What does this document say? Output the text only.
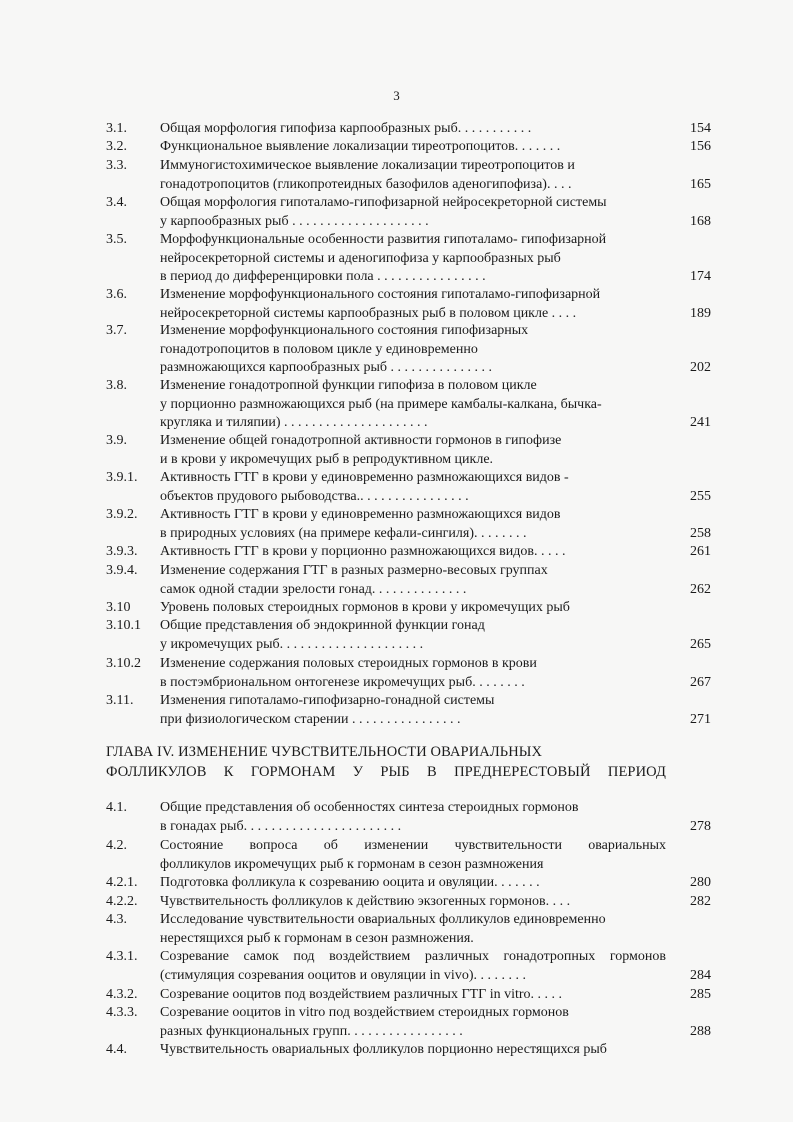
3
3.1. Общая морфология гипофиза карпообразных рыб. . . . . . . . . . .	154
3.2. Функциональное выявление локализации тиреотропоцитов. . . . . . .	156
3.3. Иммуногистохимическое выявление локализации тиреотропоцитов и
гонадотропоцитов (гликопротеидных базофилов аденогипофиза). . . .	165
3.4. Общая морфология гипоталамо-гипофизарной нейросекреторной системы
у карпообразных рыб . . . . . . . . . . . . . . . . . . . .	168
3.5. Морфофункциональные особенности развития гипоталамо- гипофизарной
нейросекреторной системы и аденогипофиза у карпообразных рыб
в период до дифференцировки пола . . . . . . . . . . . . . . . .	174
3.6. Изменение морфофункционального состояния гипоталамо-гипофизарной
нейросекреторной системы карпообразных рыб в половом цикле . . . .	189
3.7. Изменение морфофункционального состояния гипофизарных
гонадотропоцитов в половом цикле у единовременно
размножающихся карпообразных рыб . . . . . . . . . . . . . . .	202
3.8. Изменение гонадотропной функции гипофиза в половом цикле
у порционно размножающихся рыб (на примере камбалы-калкана, бычка-
кругляка и тиляпии) . . . . . . . . . . . . . . . . . . . . .	241
3.9. Изменение общей гонадотропной активности гормонов в гипофизе
и в крови у икромечущих рыб в репродуктивном цикле.
3.9.1. Активность ГТГ в крови у единовременно размножающихся видов -
объектов прудового рыбоводства.. . . . . . . . . . . . . . . .	255
3.9.2. Активность ГТГ в крови у единовременно размножающихся видов
в природных условиях (на примере кефали-сингиля). . . . . . . .	258
3.9.3. Активность ГТГ в крови у порционно размножающихся видов. . . . .	261
3.9.4. Изменение содержания ГТГ в разных размерно-весовых группах
самок одной стадии зрелости гонад. . . . . . . . . . . . . .	262
3.10 Уровень половых стероидных гормонов в крови у икромечущих рыб
3.10.1 Общие представления об эндокринной функции гонад
у икромечущих рыб. . . . . . . . . . . . . . . . . . . . .	265
3.10.2 Изменение содержания половых стероидных гормонов в крови
в постэмбриональном онтогенезе икромечущих рыб. . . . . . . .	267
3.11. Изменения гипоталамо-гипофизарно-гонадной системы
при физиологическом старении . . . . . . . . . . . . . . . .	271
4.1. Общие представления об особенностях синтеза стероидных гормонов
в гонадах рыб. . . . . . . . . . . . . . . . . . . . . . .	278
4.2. Состояние вопроса об изменении чувствительности овариальных
фолликулов икромечущих рыб к гормонам в сезон размножения
4.2.1. Подготовка фолликула к созреванию ооцита и овуляции. . . . . . .	280
4.2.2. Чувствительность фолликулов к действию экзогенных гормонов. . . .	282
4.3. Исследование чувствительности овариальных фолликулов единовременно
нерестящихся рыб к гормонам в сезон размножения.
4.3.1. Созревание самок под воздействием различных гонадотропных гормонов
(стимуляция созревания ооцитов и овуляции in vivo). . . . . . . .	284
4.3.2. Созревание ооцитов под воздействием различных ГТГ in vitro. . . . .	285
4.3.3. Созревание ооцитов in vitro под воздействием стероидных гормонов
разных функциональных групп. . . . . . . . . . . . . . . . .	288
4.4. Чувствительность овариальных фолликулов порционно нерестящихся рыб
ГЛАВА IV. ИЗМЕНЕНИЕ ЧУВСТВИТЕЛЬНОСТИ ОВАРИАЛЬНЫХ
ФОЛЛИКУЛОВ К ГОРМОНАМ У РЫБ В ПРЕДНЕРЕСТОВЫЙ ПЕРИОД
